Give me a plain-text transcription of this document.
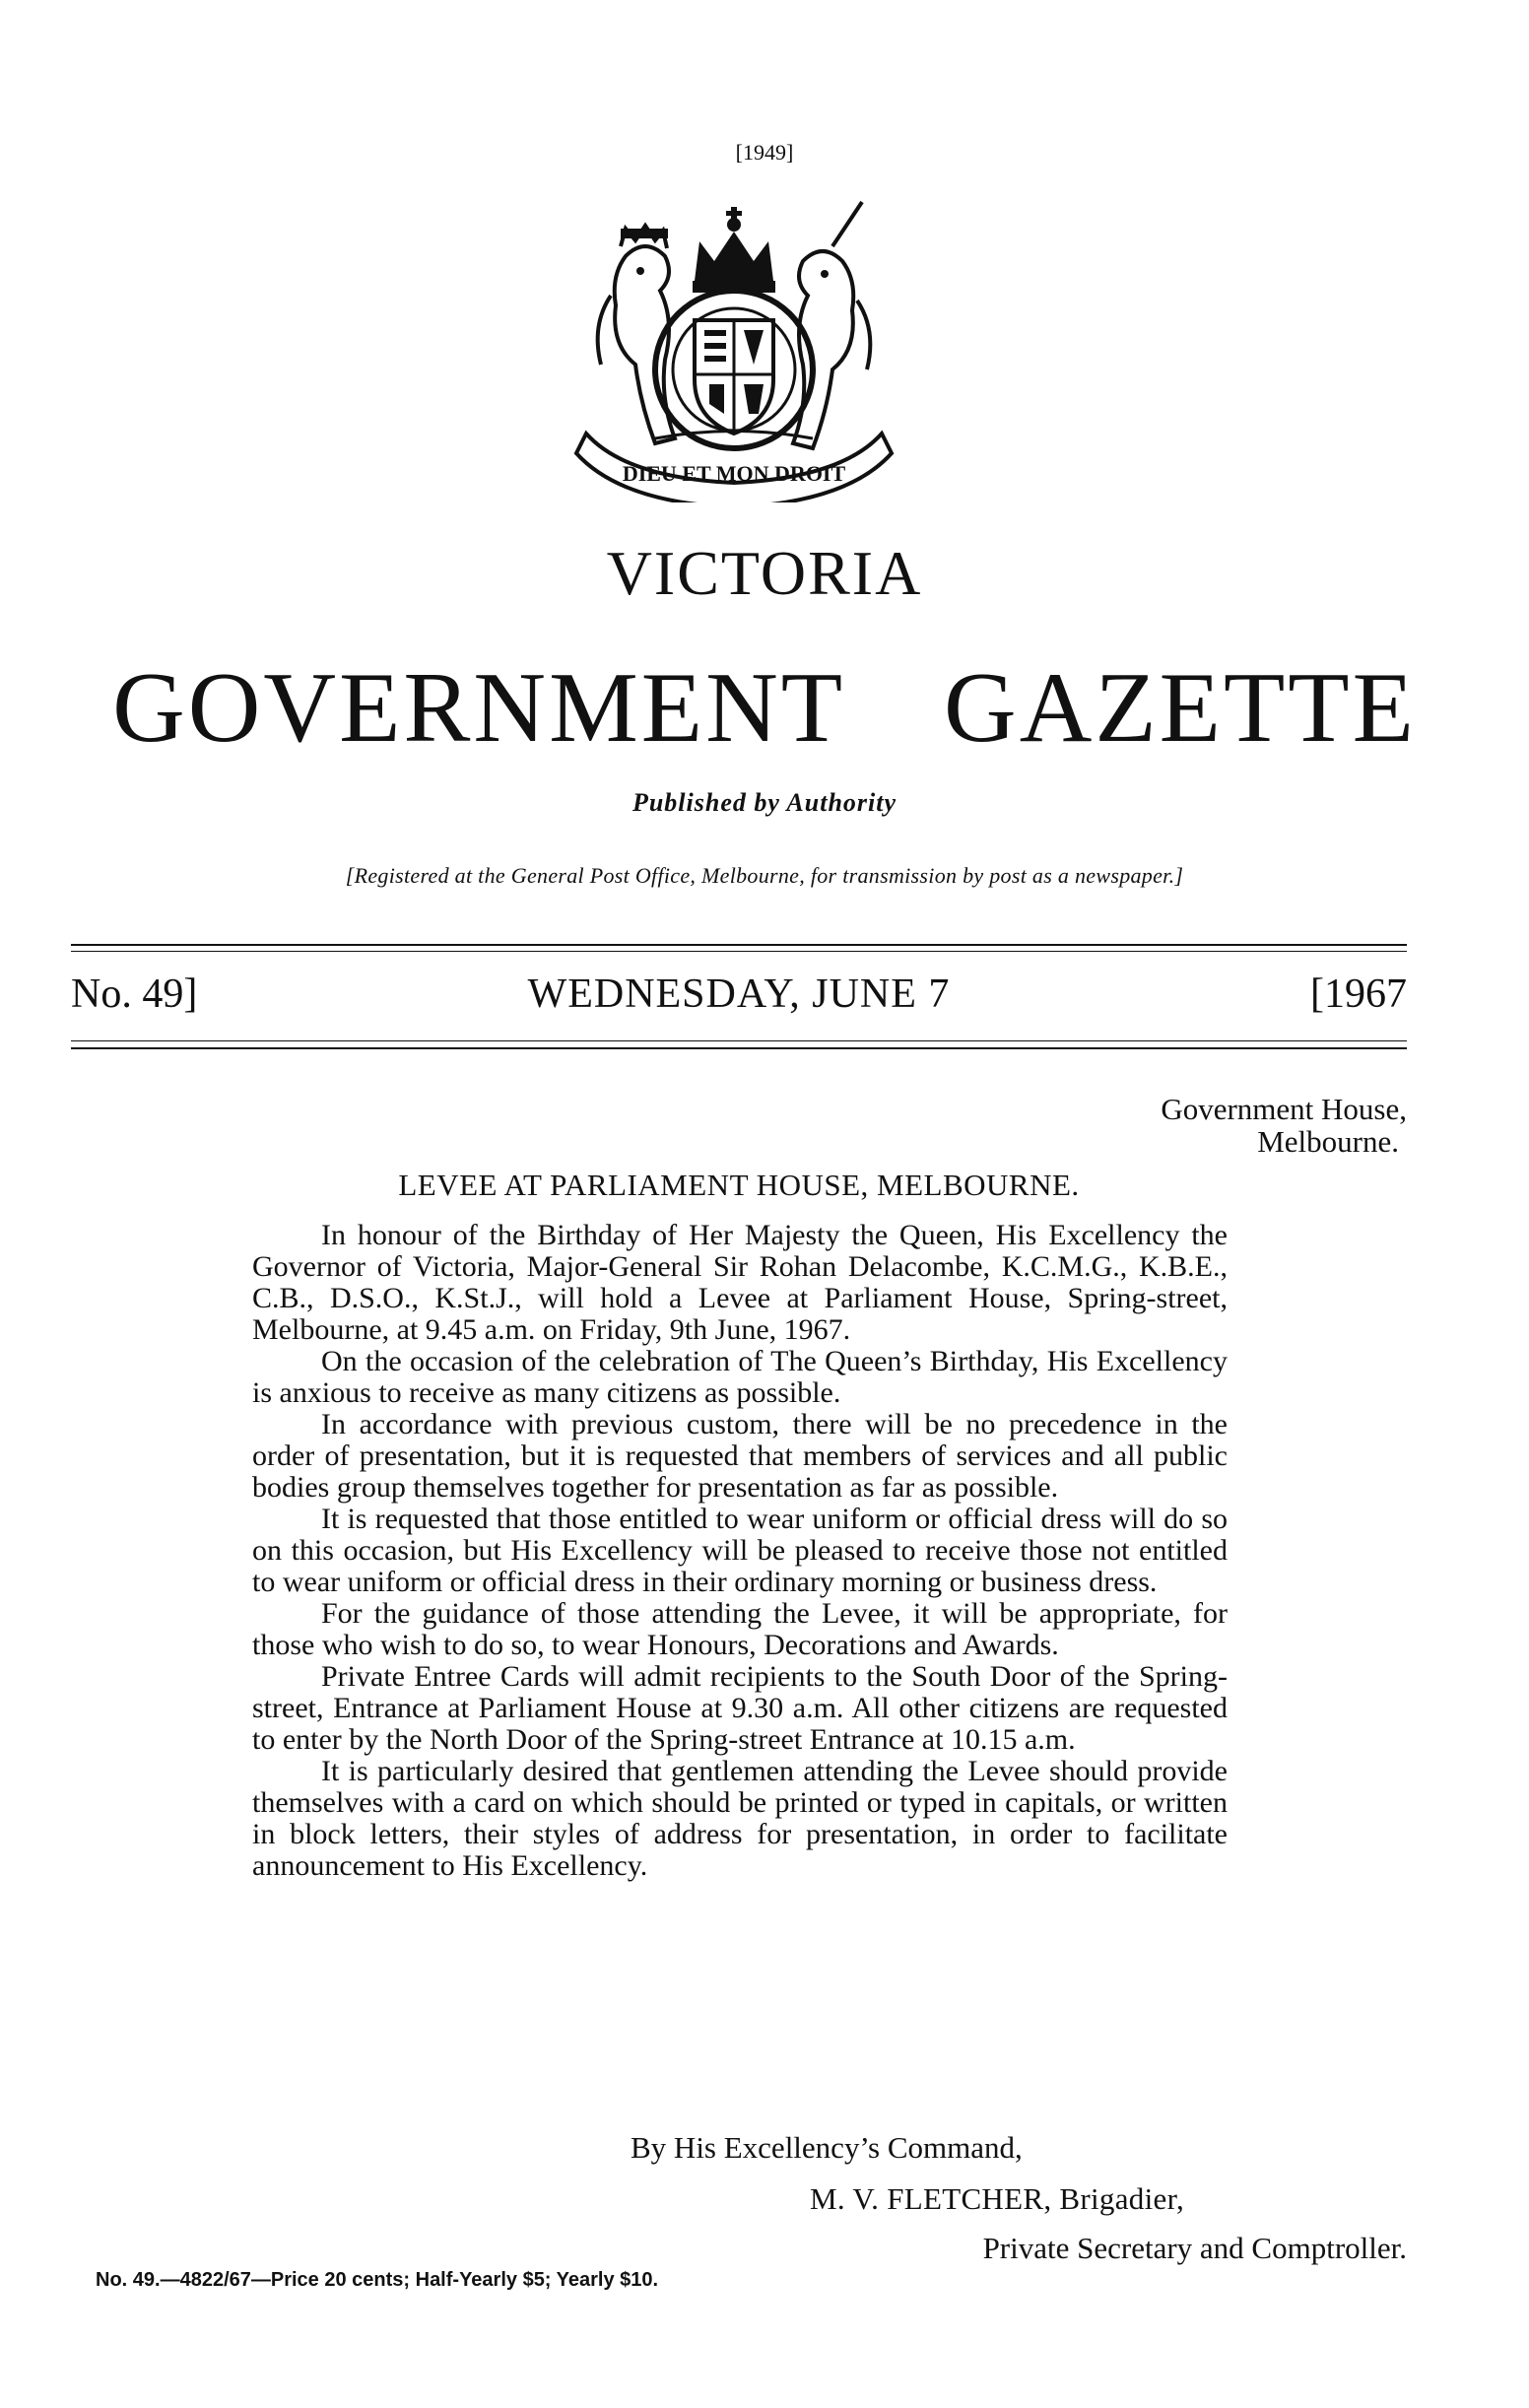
[1949]
DIEU ET MON DROIT
VICTORIA
GOVERNMENT GAZETTE
Published by Authority
[Registered at the General Post Office, Melbourne, for transmission by post as a newspaper.]
No. 49]	WEDNESDAY, JUNE 7	[1967
Government House,
Melbourne.
LEVEE AT PARLIAMENT HOUSE, MELBOURNE.

In honour of the Birthday of Her Majesty the Queen, His Excellency the Governor of Victoria, Major-General Sir Rohan Delacombe, K.C.M.G., K.B.E., C.B., D.S.O., K.St.J., will hold a Levee at Parliament House, Spring-street, Melbourne, at 9.45 a.m. on Friday, 9th June, 1967.

On the occasion of the celebration of The Queen’s Birthday, His Excellency is anxious to receive as many citizens as possible.

In accordance with previous custom, there will be no precedence in the order of presentation, but it is requested that members of services and all public bodies group themselves together for presentation as far as possible.

It is requested that those entitled to wear uniform or official dress will do so on this occasion, but His Excellency will be pleased to receive those not entitled to wear uniform or official dress in their ordinary morning or business dress.

For the guidance of those attending the Levee, it will be appropriate, for those who wish to do so, to wear Honours, Decorations and Awards.

Private Entree Cards will admit recipients to the South Door of the Spring-street, Entrance at Parliament House at 9.30 a.m. All other citizens are requested to enter by the North Door of the Spring-street Entrance at 10.15 a.m.

It is particularly desired that gentlemen attending the Levee should provide themselves with a card on which should be printed or typed in capitals, or written in block letters, their styles of address for presentation, in order to facilitate announcement to His Excellency.

By His Excellency’s Command,
M. V. FLETCHER, Brigadier,
Private Secretary and Comptroller.
No. 49.—4822/67—Price 20 cents; Half-Yearly $5; Yearly $10.
